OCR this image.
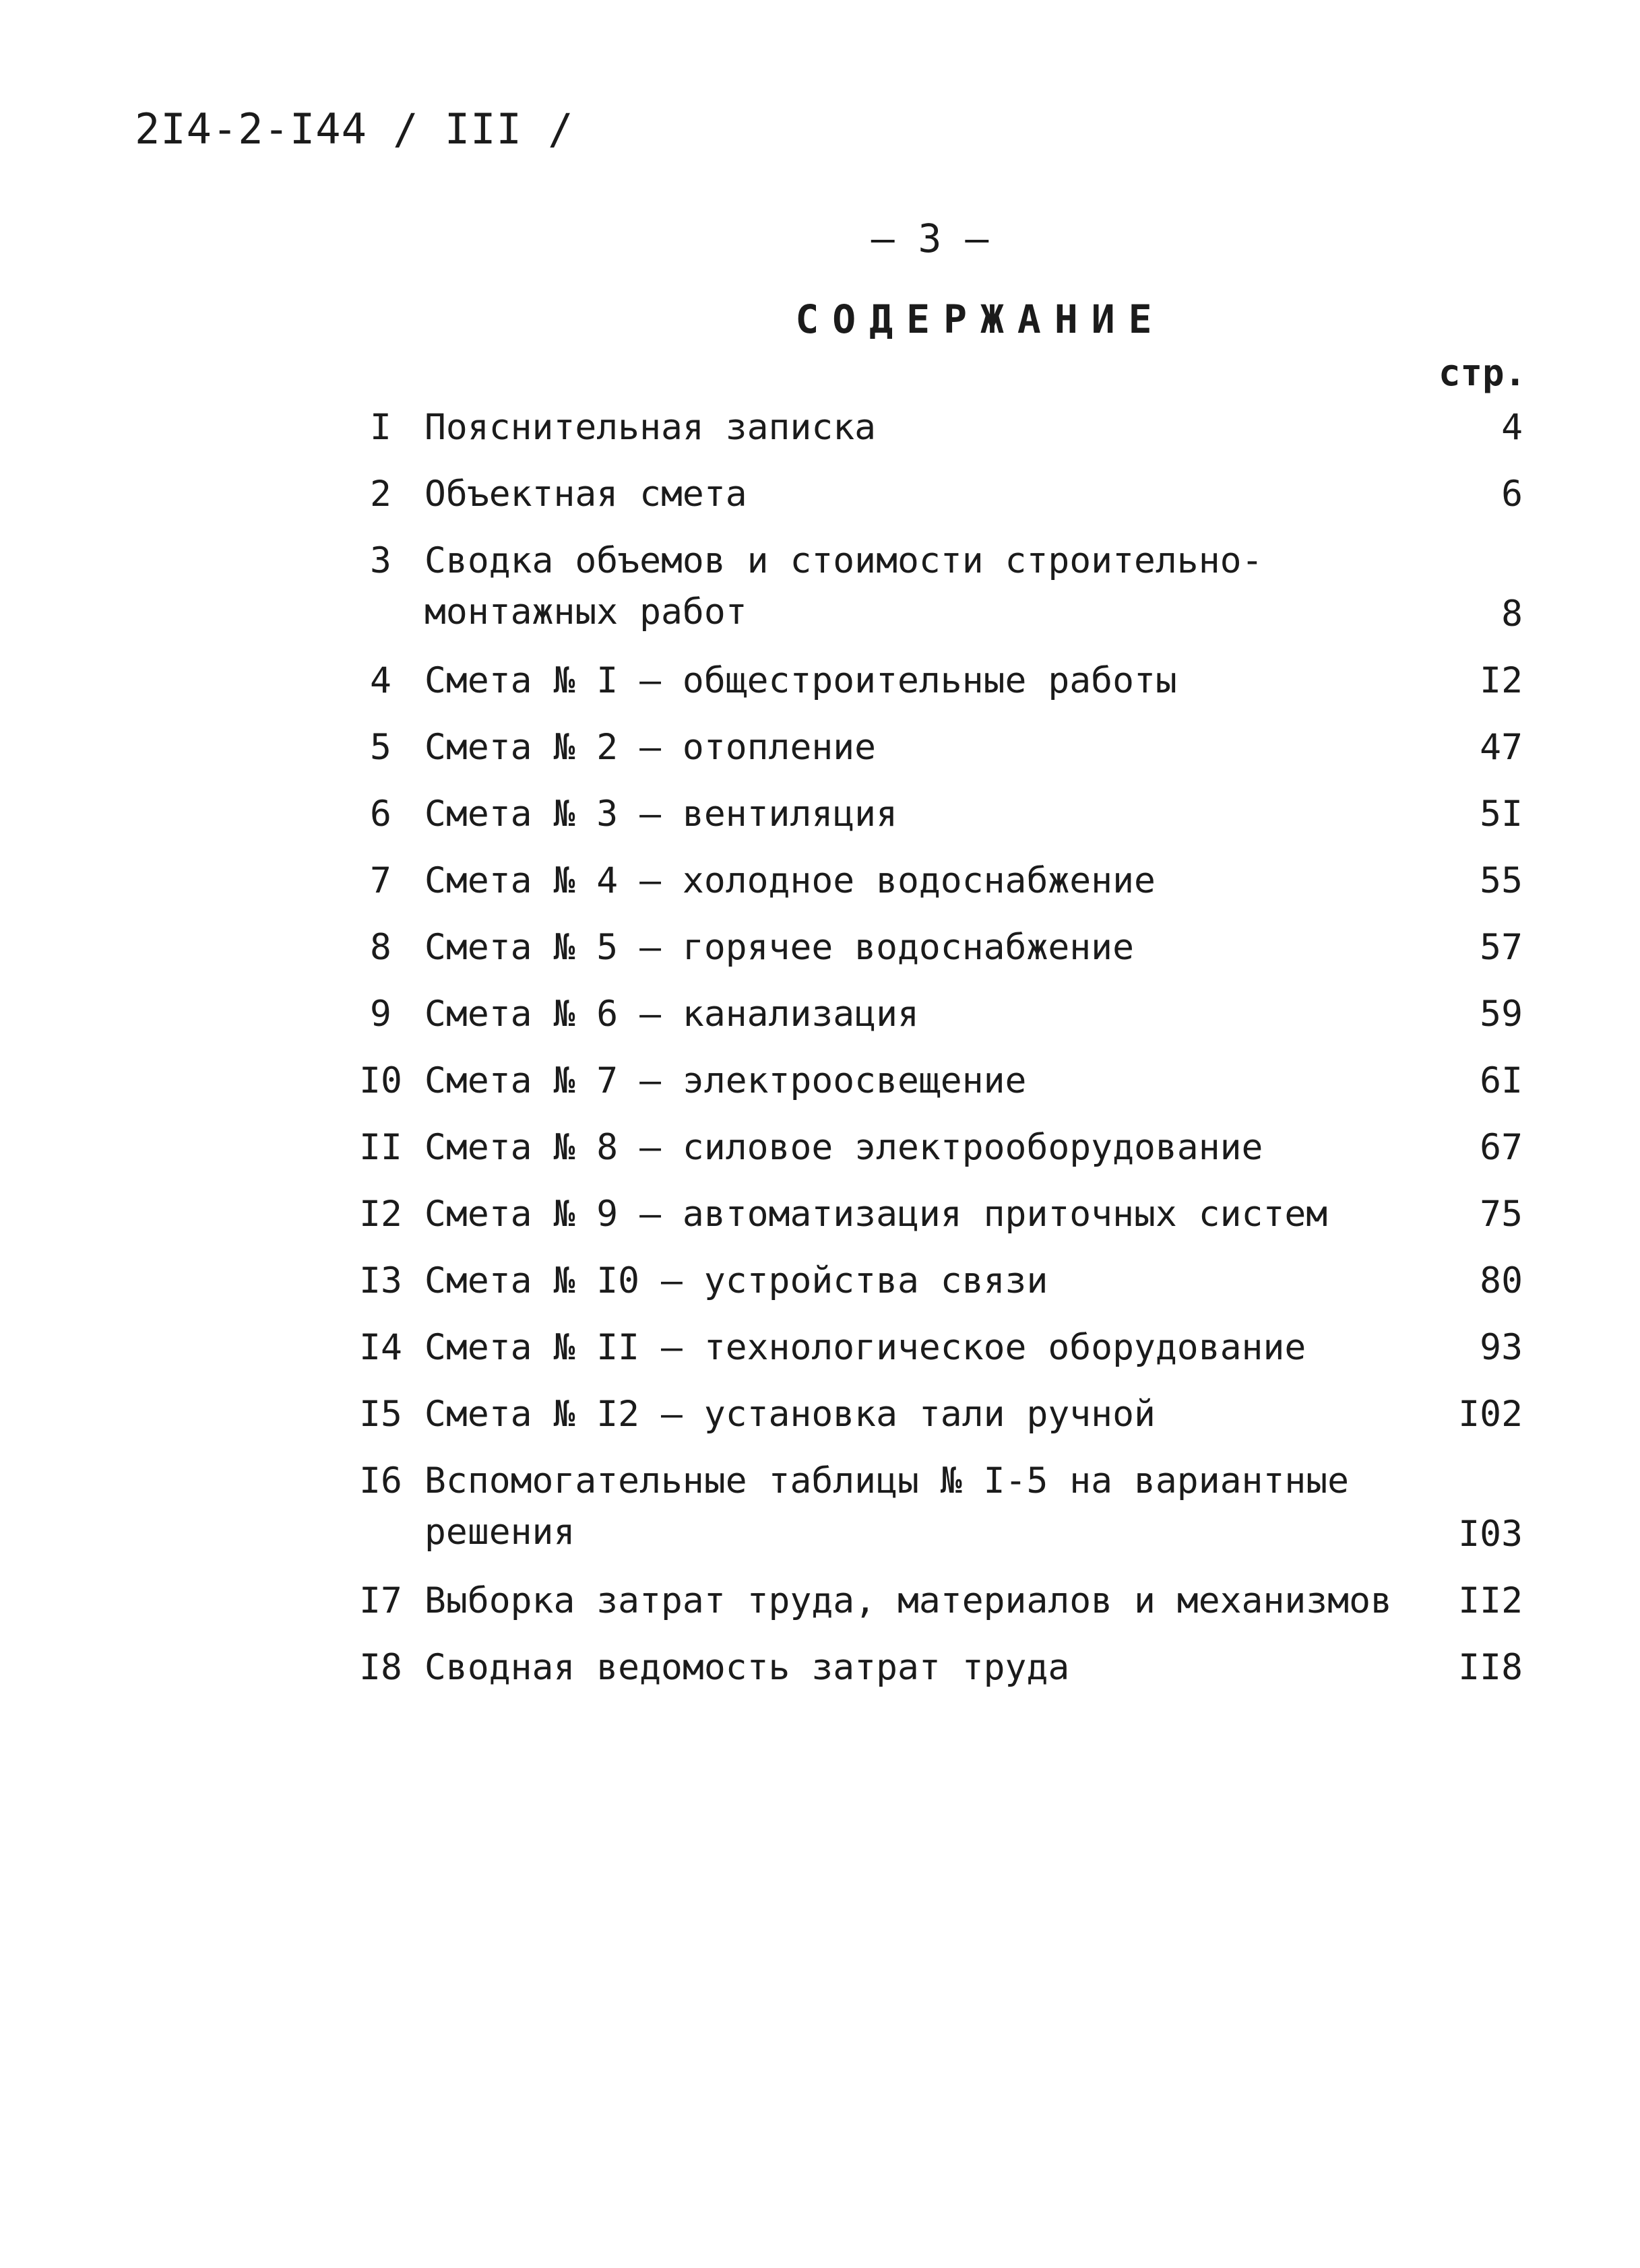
2I4-2-I44 / III /
– 3 –
СОДЕРЖАНИЕ
стр.
I Пояснительная записка	4
2 Объектная смета	6
3 Сводка объемов и стоимости строительно-монтажных работ	8
4 Смета № I – общестроительные работы	I2
5 Смета № 2 – отопление	47
6 Смета № 3 – вентиляция	5I
7 Смета № 4 – холодное водоснабжение	55
8 Смета № 5 – горячее водоснабжение	57
9 Смета № 6 – канализация	59
I0 Смета № 7 – электроосвещение	6I
II Смета № 8 – силовое электрооборудование	67
I2 Смета № 9 – автоматизация приточных систем	75
I3 Смета № I0 – устройства связи	80
I4 Смета № II – технологическое оборудование	93
I5 Смета № I2 – установка тали ручной	I02
I6 Вспомогательные таблицы № I-5 на вариантные решения	I03
I7 Выборка затрат труда, материалов и механизмов	II2
I8 Сводная ведомость затрат труда	II8
